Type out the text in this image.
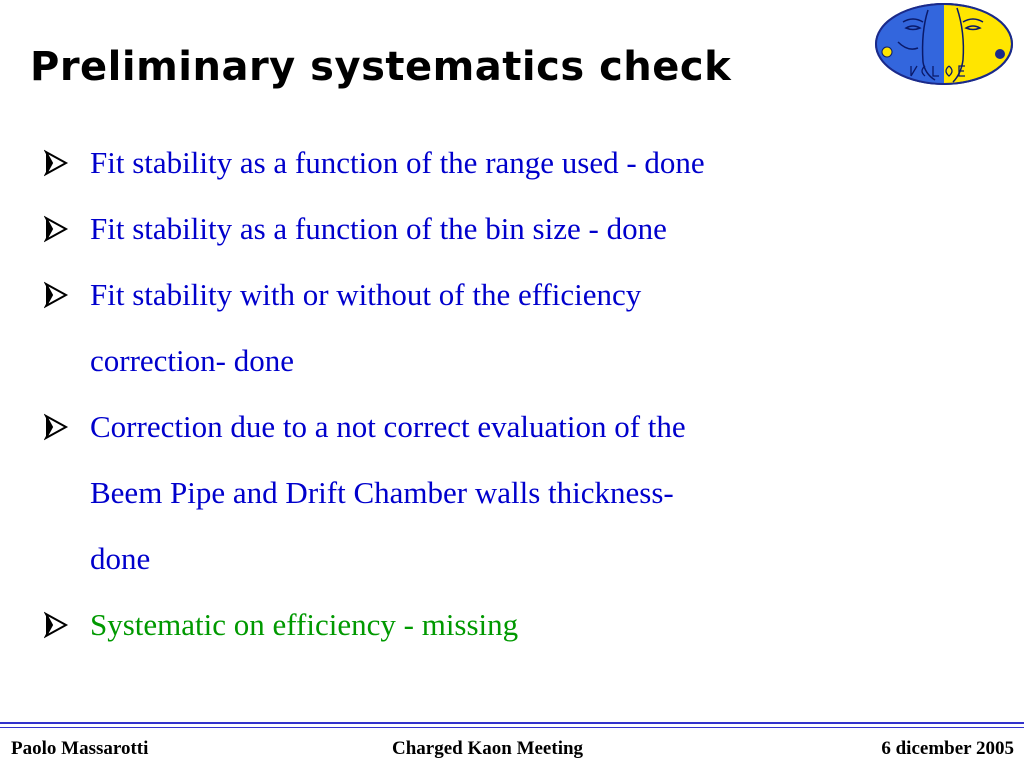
Preliminary systematics check
Fit stability as a function of the range used - done
Fit stability as a function of the bin size - done
Fit stability with or without of the efficiency
correction- done
Correction due to a not correct evaluation of the
Beem Pipe and Drift Chamber walls thickness-
done
Systematic on efficiency - missing
Paolo Massarotti	Charged Kaon Meeting	6 dicember 2005
